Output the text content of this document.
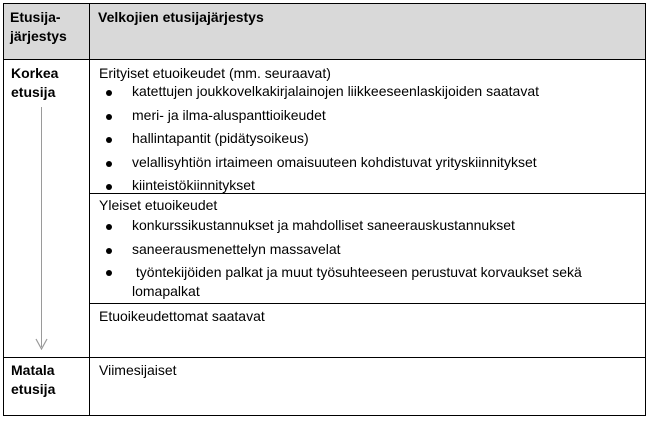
Etusija-
järjestys
Velkojien etusijajärjestys
Korkea
etusija
Matala
etusija
Erityiset etuoikeudet (mm. seuraavat)
katettujen joukkovelkakirjalainojen liikkeeseenlaskijoiden saatavat
meri- ja ilma-aluspanttioikeudet
hallintapantit (pidätysoikeus)
velallisyhtiön irtaimeen omaisuuteen kohdistuvat yrityskiinnitykset
kiinteistökiinnitykset
Yleiset etuoikeudet
konkurssikustannukset ja mahdolliset saneerauskustannukset
saneerausmenettelyn massavelat
työntekijöiden palkat ja muut työsuhteeseen perustuvat korvaukset sekä lomapalkat
Etuoikeudettomat saatavat
Viimesijaiset
